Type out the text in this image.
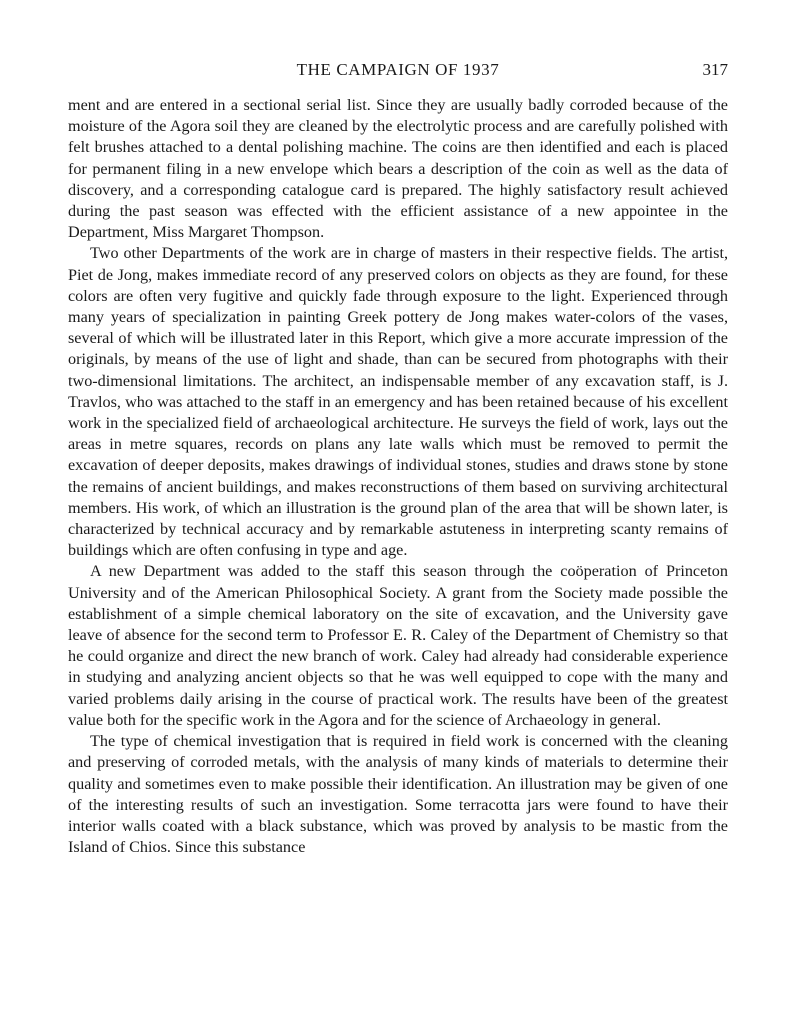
THE CAMPAIGN OF 1937	317

ment and are entered in a sectional serial list. Since they are usually badly corroded because of the moisture of the Agora soil they are cleaned by the electrolytic process and are carefully polished with felt brushes attached to a dental polishing machine. The coins are then identified and each is placed for permanent filing in a new envelope which bears a description of the coin as well as the data of discovery, and a corresponding catalogue card is prepared. The highly satisfactory result achieved during the past season was effected with the efficient assistance of a new appointee in the Department, Miss Margaret Thompson.

Two other Departments of the work are in charge of masters in their respective fields. The artist, Piet de Jong, makes immediate record of any preserved colors on objects as they are found, for these colors are often very fugitive and quickly fade through exposure to the light. Experienced through many years of specialization in painting Greek pottery de Jong makes water-colors of the vases, several of which will be illustrated later in this Report, which give a more accurate impression of the originals, by means of the use of light and shade, than can be secured from photographs with their two-dimensional limitations. The architect, an indispensable member of any excavation staff, is J. Travlos, who was attached to the staff in an emergency and has been retained because of his excellent work in the specialized field of archaeological architecture. He surveys the field of work, lays out the areas in metre squares, records on plans any late walls which must be removed to permit the excavation of deeper deposits, makes drawings of individual stones, studies and draws stone by stone the remains of ancient buildings, and makes reconstructions of them based on surviving architectural members. His work, of which an illustration is the ground plan of the area that will be shown later, is characterized by technical accuracy and by remarkable astuteness in interpreting scanty remains of buildings which are often confusing in type and age.

A new Department was added to the staff this season through the coöperation of Princeton University and of the American Philosophical Society. A grant from the Society made possible the establishment of a simple chemical laboratory on the site of excavation, and the University gave leave of absence for the second term to Professor E. R. Caley of the Department of Chemistry so that he could organize and direct the new branch of work. Caley had already had considerable experience in studying and analyzing ancient objects so that he was well equipped to cope with the many and varied problems daily arising in the course of practical work. The results have been of the greatest value both for the specific work in the Agora and for the science of Archaeology in general.

The type of chemical investigation that is required in field work is concerned with the cleaning and preserving of corroded metals, with the analysis of many kinds of materials to determine their quality and sometimes even to make possible their identification. An illustration may be given of one of the interesting results of such an investigation. Some terracotta jars were found to have their interior walls coated with a black substance, which was proved by analysis to be mastic from the Island of Chios. Since this substance
